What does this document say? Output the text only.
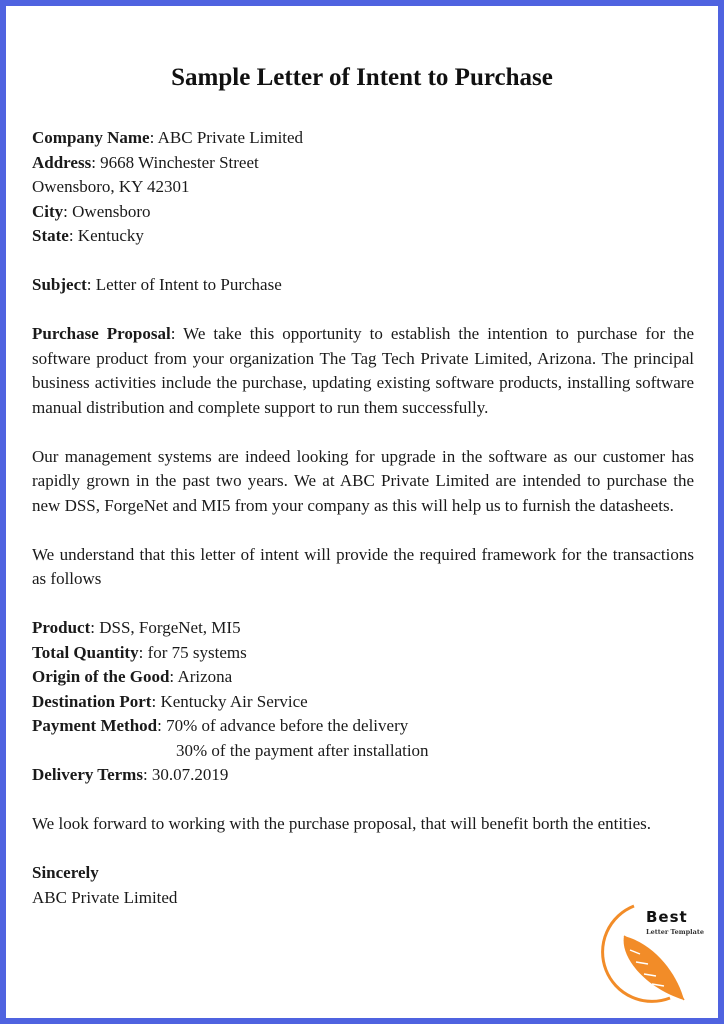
Sample Letter of Intent to Purchase
Company Name: ABC Private Limited
Address: 9668 Winchester Street
Owensboro, KY 42301
City: Owensboro
State: Kentucky
Subject: Letter of Intent to Purchase

Purchase Proposal: We take this opportunity to establish the intention to purchase for the software product from your organization The Tag Tech Private Limited, Arizona. The principal business activities include the purchase, updating existing software products, installing software manual distribution and complete support to run them successfully.

Our management systems are indeed looking for upgrade in the software as our customer has rapidly grown in the past two years. We at ABC Private Limited are intended to purchase the new DSS, ForgeNet and MI5 from your company as this will help us to furnish the datasheets.

We understand that this letter of intent will provide the required framework for the transactions as follows

Product: DSS, ForgeNet, MI5
Total Quantity: for 75 systems
Origin of the Good: Arizona
Destination Port: Kentucky Air Service
Payment Method: 70% of advance before the delivery
30% of the payment after installation
Delivery Terms: 30.07.2019

We look forward to working with the purchase proposal, that will benefit borth the entities.

Sincerely
ABC Private Limited
Best
Letter Template
